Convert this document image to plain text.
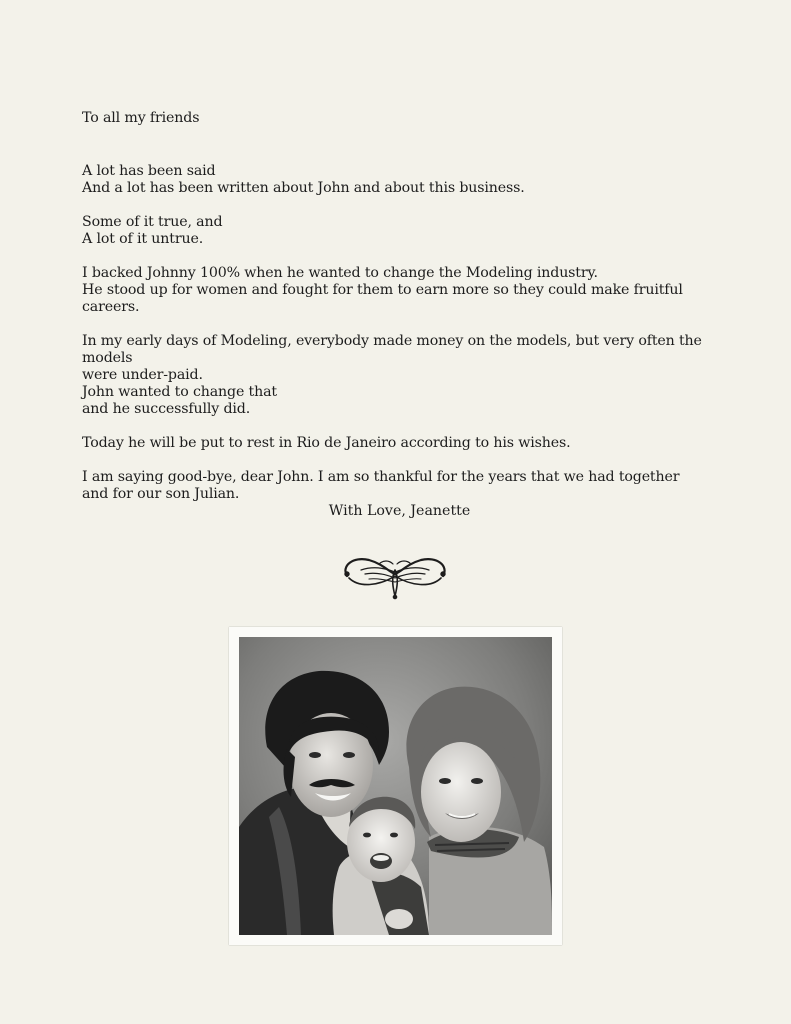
To all my friends

A lot has been said
And a lot has been written about John and about this business.

Some of it true, and
A lot of it untrue.

I backed Johnny 100% when he wanted to change the Modeling industry.
He stood up for women and fought for them to earn more so they could make fruitful careers.

In my early days of Modeling, everybody made money on the models, but very often the models
were under-paid.
John wanted to change that
and he successfully did.

Today he will be put to rest in Rio de Janeiro according to his wishes.

I am saying good-bye, dear John. I am so thankful for the years that we had together
and for our son Julian.

With Love, Jeanette
